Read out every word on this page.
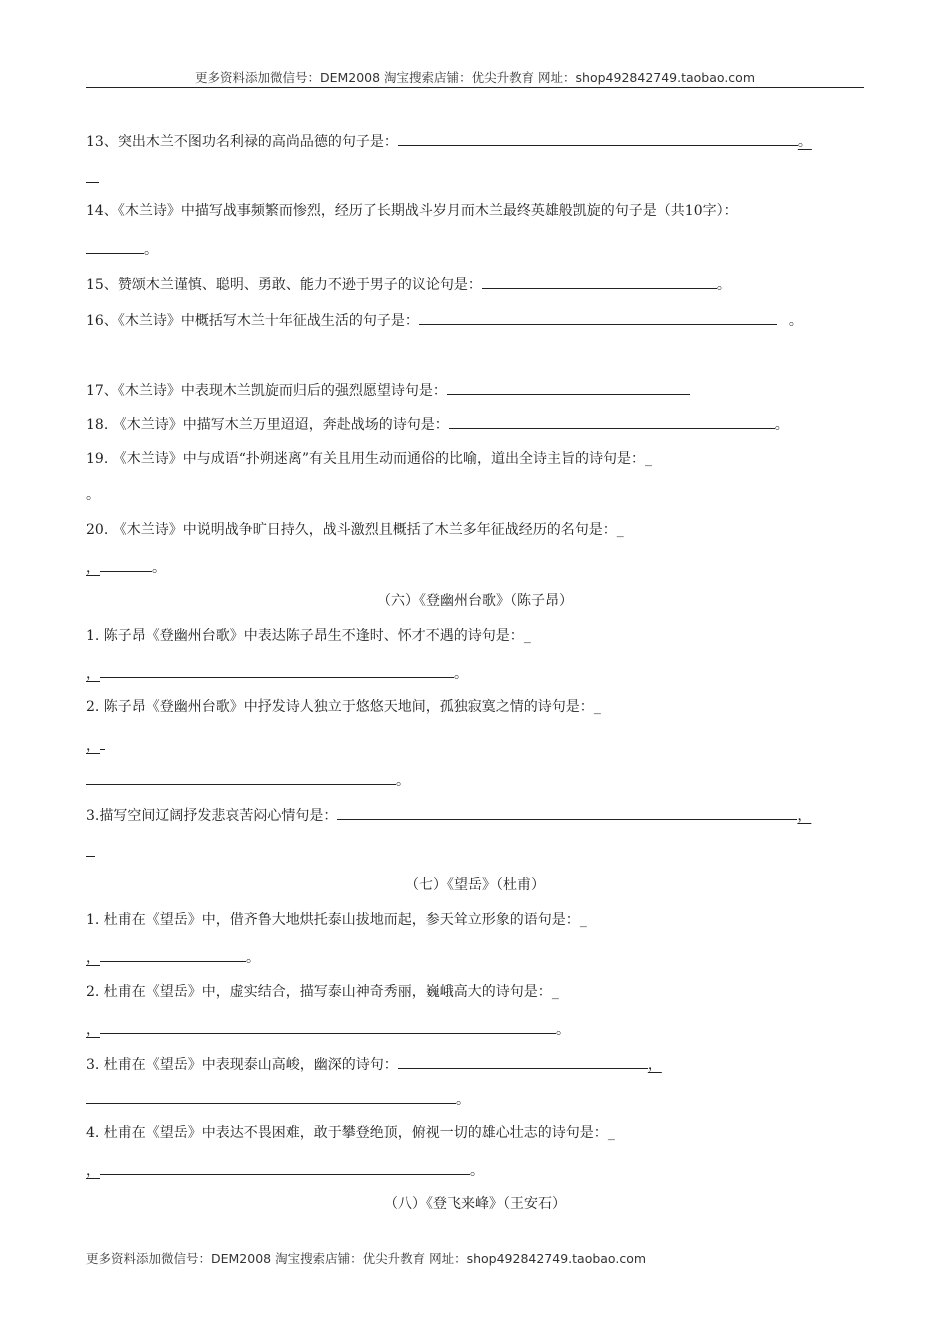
更多资料添加微信号：DEM2008 淘宝搜索店铺：优尖升教育 网址：shop492842749.taobao.com
13、突出木兰不图功名利禄的高尚品德的句子是：	。
14、《木兰诗》中描写战事频繁而惨烈，经历了长期战斗岁月而木兰最终英雄般凯旋的句子是（共10字）：
。
15、赞颂木兰谨慎、聪明、勇敢、能力不逊于男子的议论句是：	。
16、《木兰诗》中概括写木兰十年征战生活的句子是：	。
17、《木兰诗》中表现木兰凯旋而归后的强烈愿望诗句是：
18. 《木兰诗》中描写木兰万里迢迢，奔赴战场的诗句是：	。
19. 《木兰诗》中与成语“扑朔迷离”有关且用生动而通俗的比喻，道出全诗主旨的诗句是：_
。
20. 《木兰诗》中说明战争旷日持久，战斗激烈且概括了木兰多年征战经历的名句是：_
，	。
（六）《登幽州台歌》（陈子昂）
1. 陈子昂《登幽州台歌》中表达陈子昂生不逢时、怀才不遇的诗句是：_
，	。
2. 陈子昂《登幽州台歌》中抒发诗人独立于悠悠天地间，孤独寂寞之情的诗句是：_
，
。
3.描写空间辽阔抒发悲哀苦闷心情句是：	，
（七）《望岳》（杜甫）
1. 杜甫在《望岳》中，借齐鲁大地烘托泰山拔地而起，参天耸立形象的语句是：_
，	。
2. 杜甫在《望岳》中，虚实结合，描写泰山神奇秀丽，巍峨高大的诗句是：_
，	。
3. 杜甫在《望岳》中表现泰山高峻，幽深的诗句：	，
。
4. 杜甫在《望岳》中表达不畏困难，敢于攀登绝顶，俯视一切的雄心壮志的诗句是：_
，	。
（八）《登飞来峰》（王安石）
更多资料添加微信号：DEM2008 淘宝搜索店铺：优尖升教育 网址：shop492842749.taobao.com
